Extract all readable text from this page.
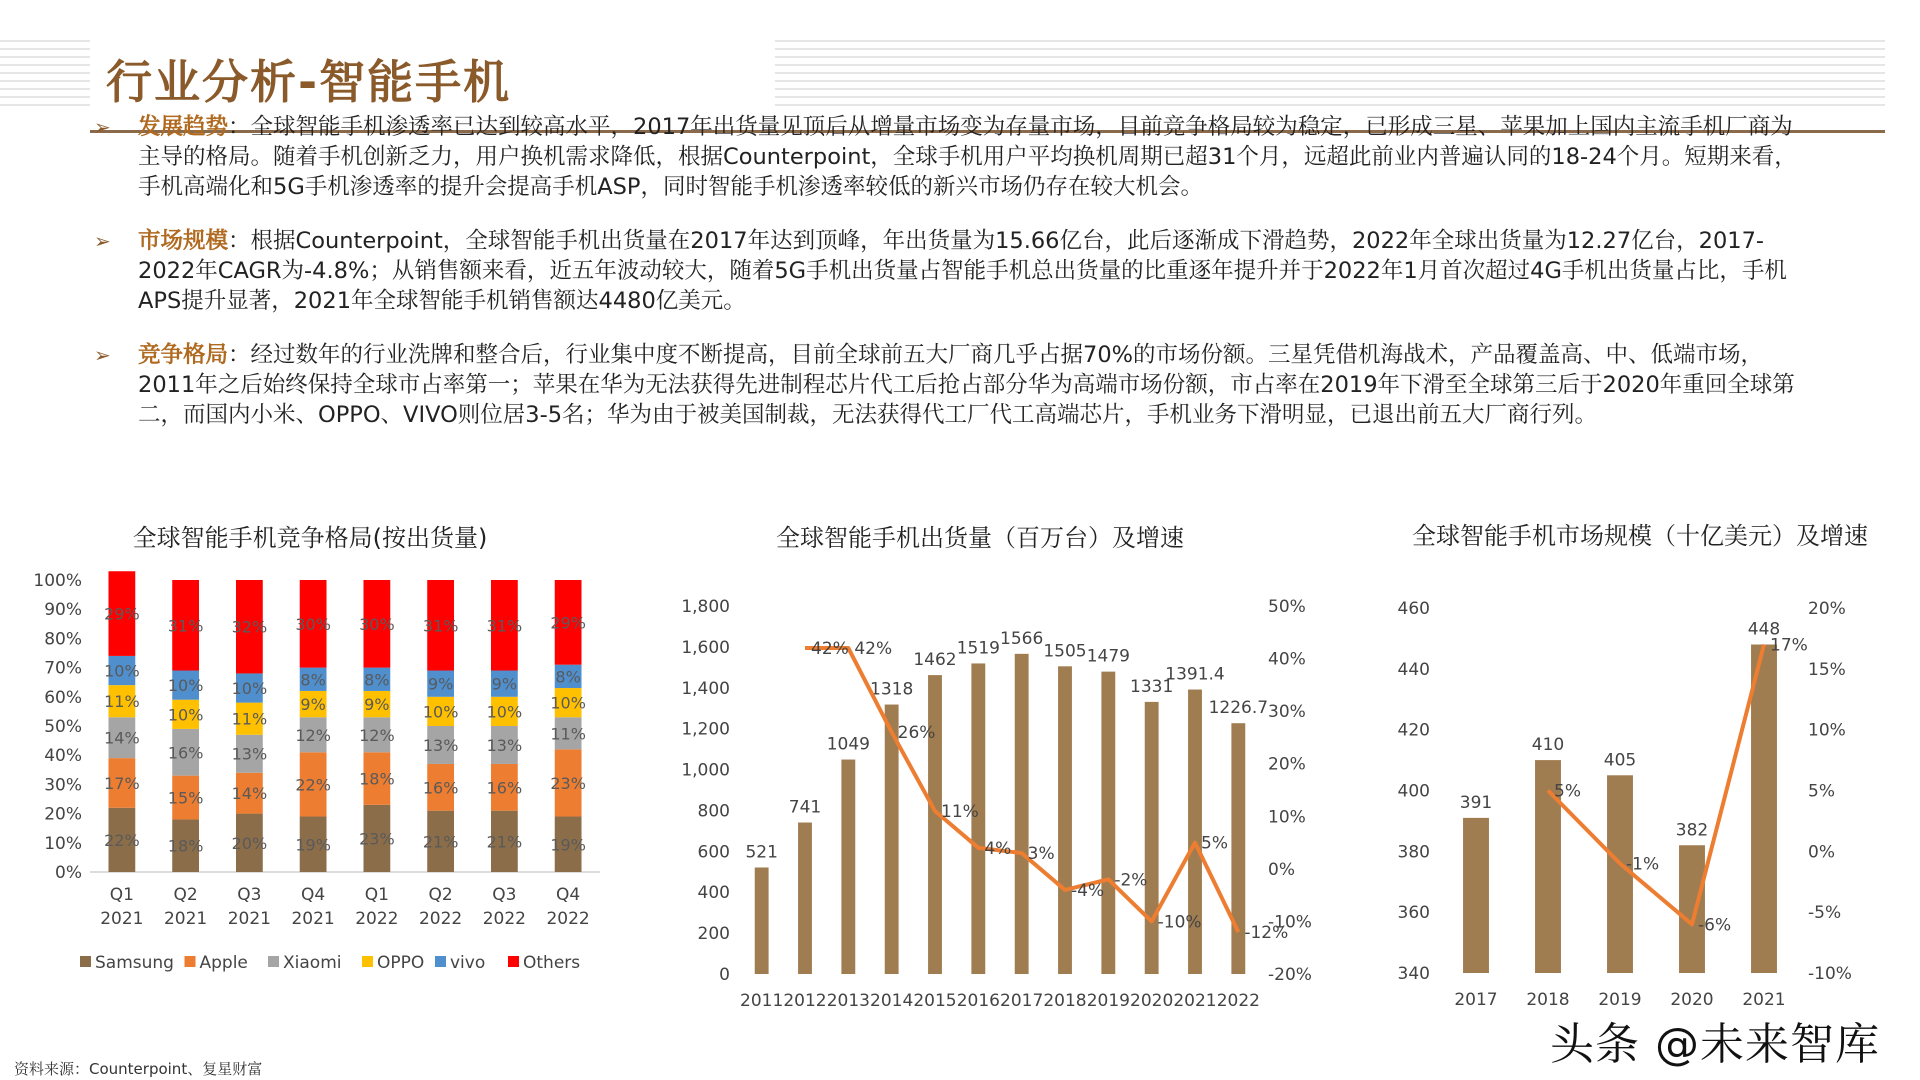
行业分析-智能手机
➢ 发展趋势：全球智能手机渗透率已达到较高水平，2017年出货量见顶后从增量市场变为存量市场，目前竞争格局较为稳定，已形成三星、苹果加上国内主流手机厂商为主导的格局。随着手机创新乏力，用户换机需求降低，根据Counterpoint，全球手机用户平均换机周期已超31个月，远超此前业内普遍认同的18-24个月。短期来看，手机高端化和5G手机渗透率的提升会提高手机ASP，同时智能手机渗透率较低的新兴市场仍存在较大机会。
➢ 市场规模：根据Counterpoint，全球智能手机出货量在2017年达到顶峰，年出货量为15.66亿台，此后逐渐成下滑趋势，2022年全球出货量为12.27亿台，2017-2022年CAGR为-4.8%；从销售额来看，近五年波动较大，随着5G手机出货量占智能手机总出货量的比重逐年提升并于2022年1月首次超过4G手机出货量占比，手机APS提升显著，2021年全球智能手机销售额达4480亿美元。
➢ 竞争格局：经过数年的行业洗牌和整合后，行业集中度不断提高，目前全球前五大厂商几乎占据70%的市场份额。三星凭借机海战术，产品覆盖高、中、低端市场，2011年之后始终保持全球市占率第一；苹果在华为无法获得先进制程芯片代工后抢占部分华为高端市场份额，市占率在2019年下滑至全球第三后于2020年重回全球第二，而国内小米、OPPO、VIVO则位居3-5名；华为由于被美国制裁，无法获得代工厂代工高端芯片，手机业务下滑明显，已退出前五大厂商行列。
全球智能手机竞争格局(按出货量)	全球智能手机出货量（百万台）及增速	全球智能手机市场规模（十亿美元）及增速
0%
10%
20%
30%
40%
50%
60%
70%
80%
90%
100%
22%
17%
14%
11%
10%
29%
Q1
2021
18%
15%
16%
10%
10%
31%
Q2
2021
20%
14%
13%
11%
10%
32%
Q3
2021
19%
22%
12%
9%
8%
30%
Q4
2021
23%
18%
12%
9%
8%
30%
Q1
2022
21%
16%
13%
10%
9%
31%
Q2
2022
21%
16%
13%
10%
9%
31%
Q3
2022
19%
23%
11%
10%
8%
29%
Q4
2022
Samsung Apple Xiaomi OPPO vivo Others
0
200
400
600
800
1,000
1,200
1,400
1,600
1,800
-20%
-10%
0%
10%
20%
30%
40%
50%
521
2011
741
2012
1049
2013
1318
2014
1462
2015
1519
2016
1566
2017
1505
2018
1479
2019
1331
2020
1391.4
2021
1226.7
2022
42% 42%
26%
11%
4% 3%
-4%
-2%
-10%
5%
-12%
340
360
380
400
420
440
460
-10%
-5%
0%
5%
10%
15%
20%
391
2017
410
2018
405
2019
382
2020
448
2021
5%
-1%
-6%
17%
资料来源：Counterpoint、复星财富	头条 @未来智库
